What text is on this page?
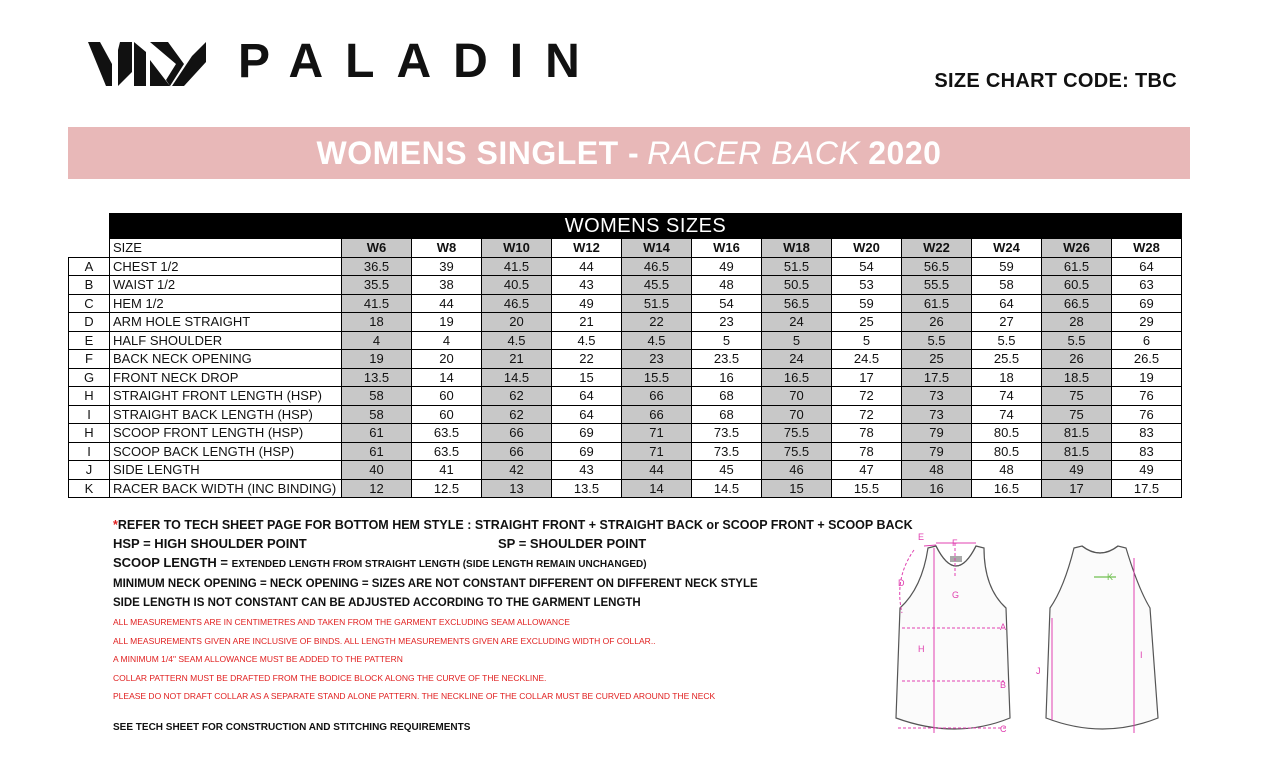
PALADIN	SIZE CHART CODE: TBC
WOMENS SINGLET - RACER BACK 2020
	WOMENS SIZES												
	SIZE	W6	W8	W10	W12	W14	W16	W18	W20	W22	W24	W26	W28
A	CHEST 1/2	36.5	39	41.5	44	46.5	49	51.5	54	56.5	59	61.5	64
B	WAIST 1/2	35.5	38	40.5	43	45.5	48	50.5	53	55.5	58	60.5	63
C	HEM 1/2	41.5	44	46.5	49	51.5	54	56.5	59	61.5	64	66.5	69
D	ARM HOLE STRAIGHT	18	19	20	21	22	23	24	25	26	27	28	29
E	HALF SHOULDER	4	4	4.5	4.5	4.5	5	5	5	5.5	5.5	5.5	6
F	BACK NECK OPENING	19	20	21	22	23	23.5	24	24.5	25	25.5	26	26.5
G	FRONT NECK DROP	13.5	14	14.5	15	15.5	16	16.5	17	17.5	18	18.5	19
H	STRAIGHT FRONT LENGTH (HSP)	58	60	62	64	66	68	70	72	73	74	75	76
I	STRAIGHT BACK LENGTH (HSP)	58	60	62	64	66	68	70	72	73	74	75	76
H	SCOOP FRONT LENGTH (HSP)	61	63.5	66	69	71	73.5	75.5	78	79	80.5	81.5	83
I	SCOOP BACK LENGTH (HSP)	61	63.5	66	69	71	73.5	75.5	78	79	80.5	81.5	83
J	SIDE LENGTH	40	41	42	43	44	45	46	47	48	48	49	49
K	RACER BACK WIDTH (INC BINDING)	12	12.5	13	13.5	14	14.5	15	15.5	16	16.5	17	17.5

*REFER TO TECH SHEET PAGE FOR BOTTOM HEM STYLE : STRAIGHT FRONT + STRAIGHT BACK or SCOOP FRONT + SCOOP BACK

HSP = HIGH SHOULDER POINT	SP = SHOULDER POINT
SCOOP LENGTH = EXTENDED LENGTH FROM STRAIGHT LENGTH (SIDE LENGTH REMAIN UNCHANGED)
MINIMUM NECK OPENING = NECK OPENING = SIZES ARE NOT CONSTANT DIFFERENT ON DIFFERENT NECK STYLE
SIDE LENGTH IS NOT CONSTANT CAN BE ADJUSTED ACCORDING TO THE GARMENT LENGTH
ALL MEASUREMENTS ARE IN CENTIMETRES AND TAKEN FROM THE GARMENT EXCLUDING SEAM ALLOWANCE
ALL MEASUREMENTS GIVEN ARE INCLUSIVE OF BINDS. ALL LENGTH MEASUREMENTS GIVEN ARE EXCLUDING WIDTH OF COLLAR..
A MINIMUM 1/4" SEAM ALLOWANCE MUST BE ADDED TO THE PATTERN
COLLAR PATTERN MUST BE DRAFTED FROM THE BODICE BLOCK ALONG THE CURVE OF THE NECKLINE.
PLEASE DO NOT DRAFT COLLAR AS A SEPARATE STAND ALONE PATTERN. THE NECKLINE OF THE COLLAR MUST BE CURVED AROUND THE NECK
SEE TECH SHEET FOR CONSTRUCTION AND STITCHING REQUIREMENTS
E
F
D
G
A
H
B
C
J
I
K
